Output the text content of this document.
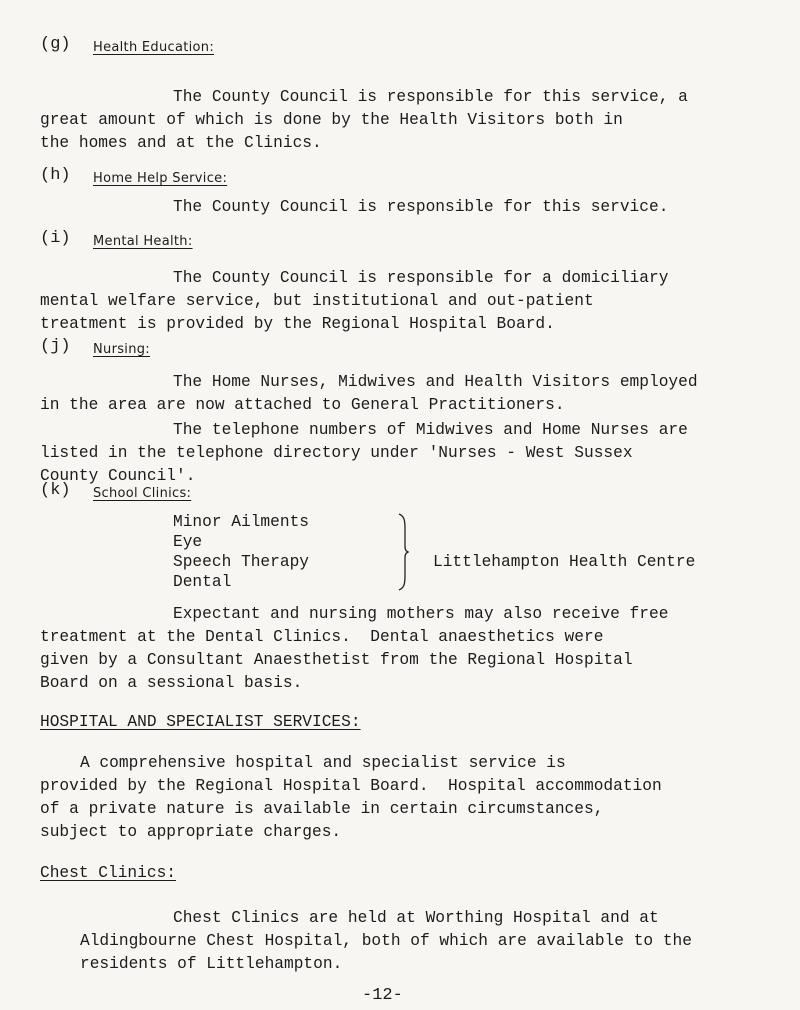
(g) Health Education:
The County Council is responsible for this service, a
great amount of which is done by the Health Visitors both in
the homes and at the Clinics.
(h) Home Help Service:
The County Council is responsible for this service.
(i) Mental Health:
The County Council is responsible for a domiciliary
mental welfare service, but institutional and out-patient
treatment is provided by the Regional Hospital Board.
(j) Nursing:
The Home Nurses, Midwives and Health Visitors employed
in the area are now attached to General Practitioners.
The telephone numbers of Midwives and Home Nurses are
listed in the telephone directory under 'Nurses - West Sussex
County Council'.
(k) School Clinics:
Minor Ailments
Eye
Speech Therapy
Dental
Littlehampton Health Centre
Expectant and nursing mothers may also receive free
treatment at the Dental Clinics.  Dental anaesthetics were
given by a Consultant Anaesthetist from the Regional Hospital
Board on a sessional basis.
HOSPITAL AND SPECIALIST SERVICES:
A comprehensive hospital and specialist service is
provided by the Regional Hospital Board.  Hospital accommodation
of a private nature is available in certain circumstances,
subject to appropriate charges.
Chest Clinics:
Chest Clinics are held at Worthing Hospital and at
Aldingbourne Chest Hospital, both of which are available to the
residents of Littlehampton.
-12-
